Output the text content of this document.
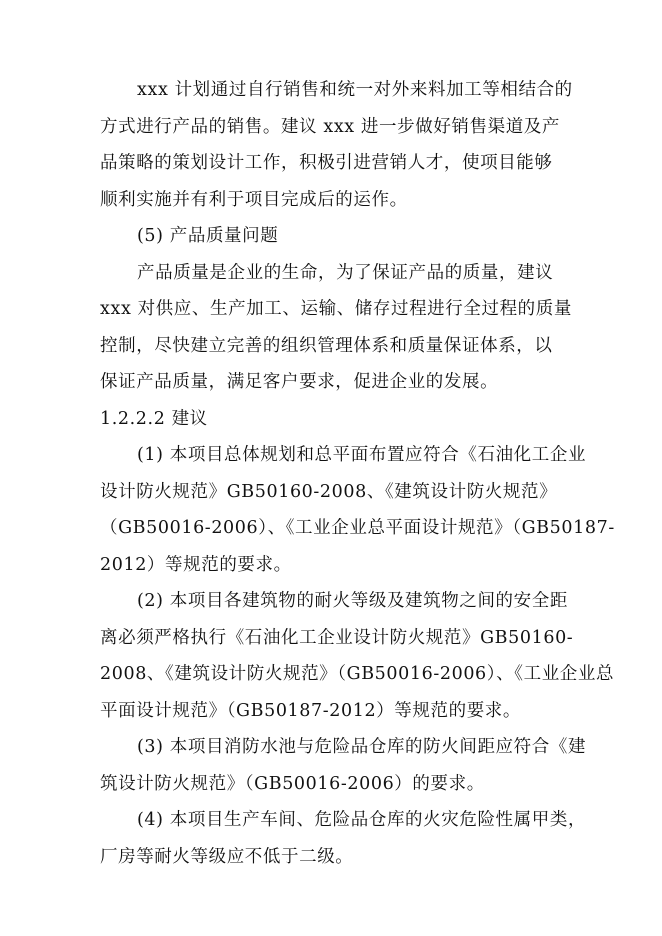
xxx 计划通过自行销售和统一对外来料加工等相结合的
方式进行产品的销售。建议 xxx 进一步做好销售渠道及产
品策略的策划设计工作，积极引进营销人才，使项目能够
顺利实施并有利于项目完成后的运作。

(5) 产品质量问题

产品质量是企业的生命，为了保证产品的质量，建议
xxx 对供应、生产加工、运输、储存过程进行全过程的质量
控制，尽快建立完善的组织管理体系和质量保证体系，以
保证产品质量，满足客户要求，促进企业的发展。

1.2.2.2 建议

(1) 本项目总体规划和总平面布置应符合《石油化工企业
设计防火规范》GB50160-2008、《建筑设计防火规范》
（GB50016-2006）、《工业企业总平面设计规范》（GB50187-
2012）等规范的要求。

(2) 本项目各建筑物的耐火等级及建筑物之间的安全距
离必须严格执行《石油化工企业设计防火规范》GB50160-
2008、《建筑设计防火规范》（GB50016-2006）、《工业企业总
平面设计规范》（GB50187-2012）等规范的要求。

(3) 本项目消防水池与危险品仓库的防火间距应符合《建
筑设计防火规范》（GB50016-2006）的要求。

(4) 本项目生产车间、危险品仓库的火灾危险性属甲类，
厂房等耐火等级应不低于二级。
